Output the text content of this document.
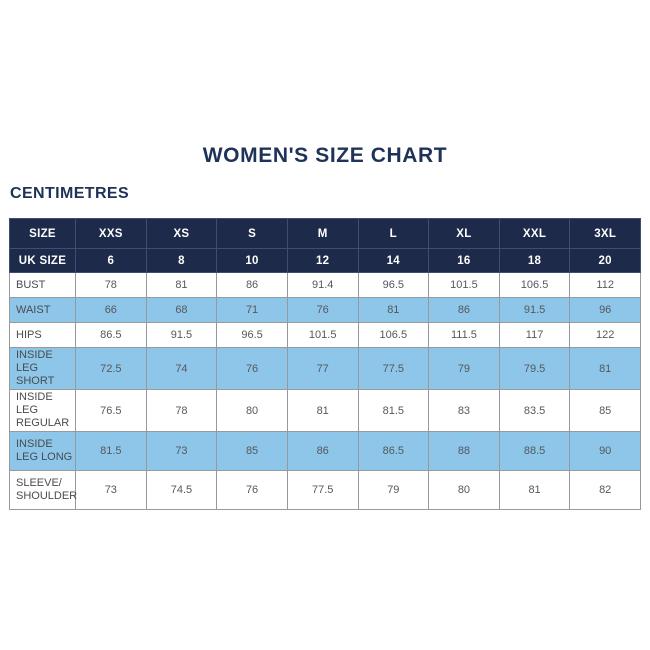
WOMEN'S SIZE CHART
CENTIMETRES
SIZE	XXS	XS	S	M	L	XL	XXL	3XL
UK SIZE	6	8	10	12	14	16	18	20
BUST	78	81	86	91.4	96.5	101.5	106.5	112
WAIST	66	68	71	76	81	86	91.5	96
HIPS	86.5	91.5	96.5	101.5	106.5	111.5	117	122
INSIDE LEG SHORT	72.5	74	76	77	77.5	79	79.5	81
INSIDE LEG REGULAR	76.5	78	80	81	81.5	83	83.5	85
INSIDE LEG LONG	81.5	73	85	86	86.5	88	88.5	90
SLEEVE/ SHOULDER	73	74.5	76	77.5	79	80	81	82
